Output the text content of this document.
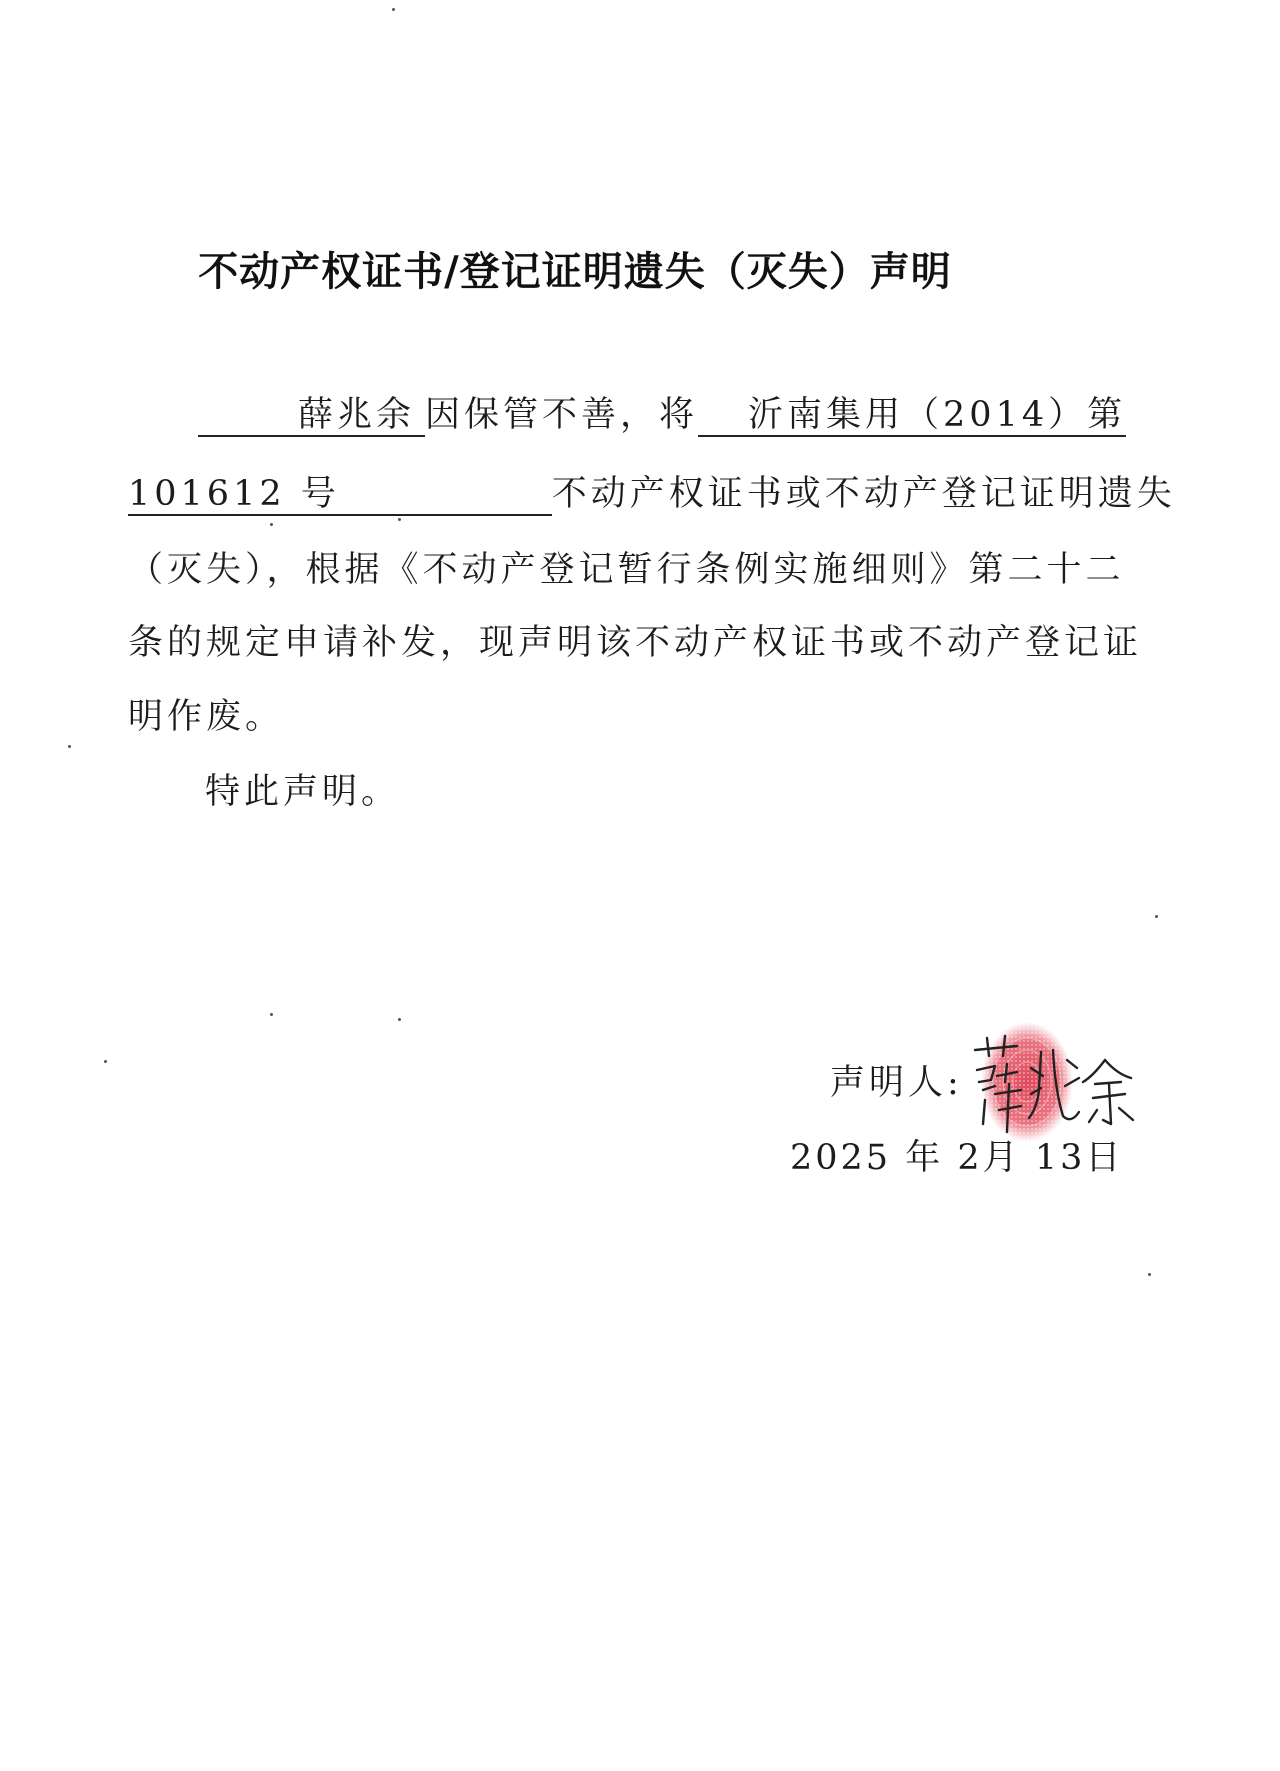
不动产权证书/登记证明遗失（灭失）声明
薛兆余 因保管不善，将 沂南集用（2014）第
101612 号	不动产权证书或不动产登记证明遗失
（灭失），根据《不动产登记暂行条例实施细则》第二十二
条的规定申请补发，现声明该不动产权证书或不动产登记证
明作废。
特此声明。
声明人:
2025 年 2月 13日
